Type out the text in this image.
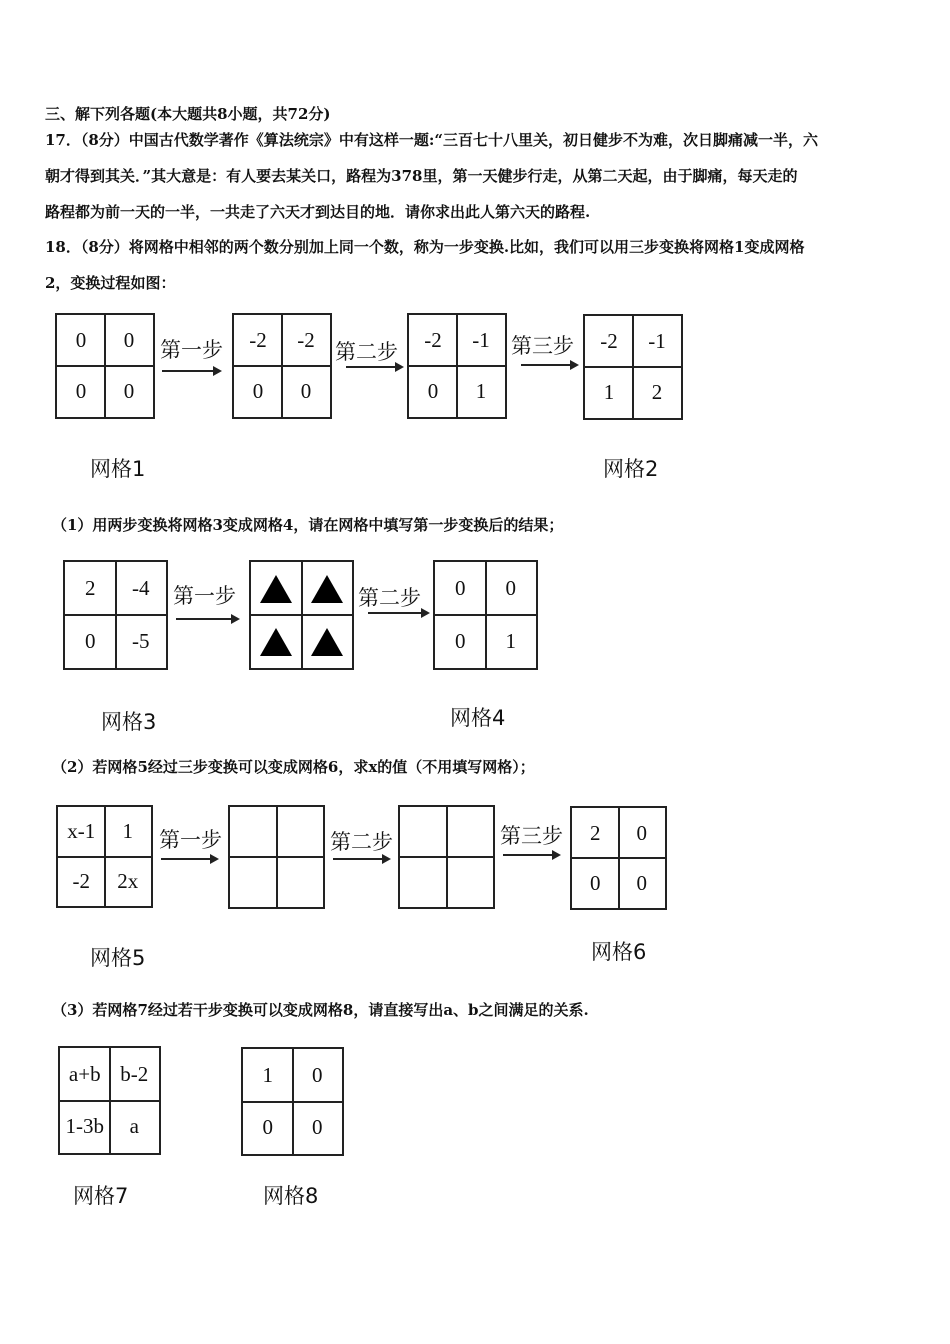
三、解下列各题(本大题共8小题，共72分)
17．（8分）中国古代数学著作《算法统宗》中有这样一题:“三百七十八里关，初日健步不为难，次日脚痛减一半，六
朝才得到其关．”其大意是：有人要去某关口，路程为378里，第一天健步行走，从第二天起，由于脚痛，每天走的
路程都为前一天的一半，一共走了六天才到达目的地．请你求出此人第六天的路程.
18．（8分）将网格中相邻的两个数分别加上同一个数，称为一步变换.比如，我们可以用三步变换将网格1变成网格
2，变换过程如图：
0	0
0	0
第一步	-2	-2
0	0
第二步	-2	-1
0	1
第三步	-2	-1
1	2
网格1	网格2
（1）用两步变换将网格3变成网格4，请在网格中填写第一步变换后的结果；
2	-4
0	-5
第一步	第二步	0	0
0	1
网格3	网格4
（2）若网格5经过三步变换可以变成网格6，求x的值（不用填写网格）；
x-1	1
-2	2x
第一步	第二步	第三步	2	0
0	0
网格5	网格6
（3）若网格7经过若干步变换可以变成网格8，请直接写出a、b之间满足的关系.
a+b b-2
1-3b	a
1	0
0	0
网格7	网格8
